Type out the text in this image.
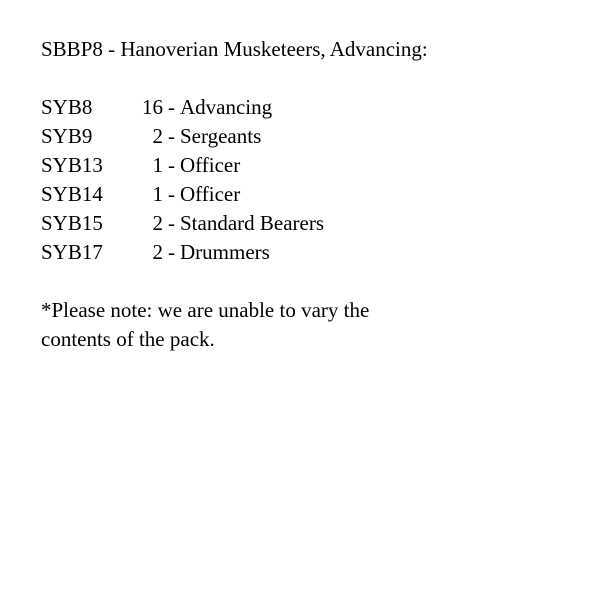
SBBP8 - Hanoverian Musketeers, Advancing:
SYB8	16 - Advancing
SYB9	2 - Sergeants
SYB13	1 - Officer
SYB14	1 - Officer
SYB15	2 - Standard Bearers
SYB17	2 - Drummers
*Please note: we are unable to vary the contents of the pack.
